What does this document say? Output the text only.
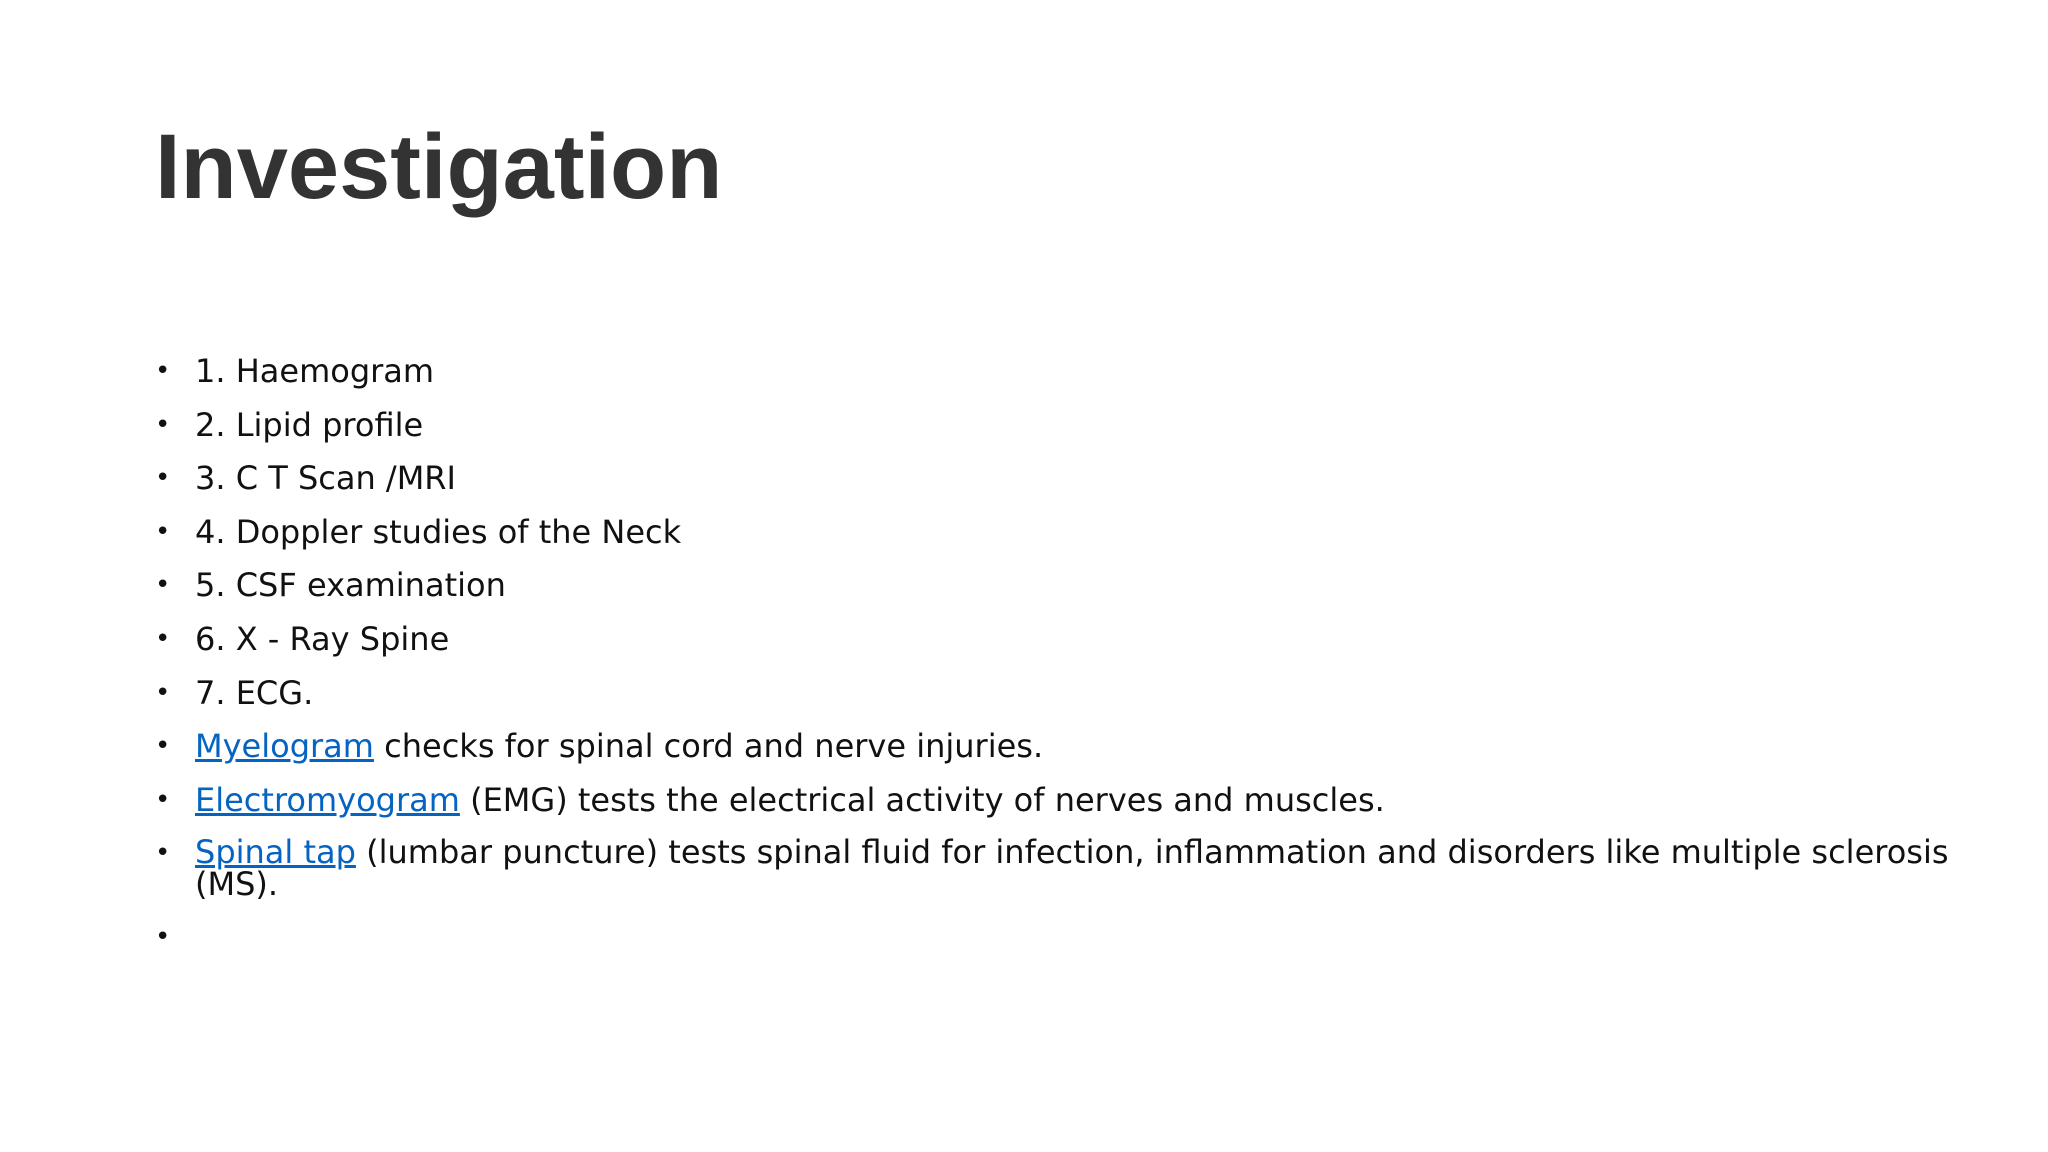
Investigation
• 1. Haemogram
• 2. Lipid profile
• 3. C T Scan /MRI
• 4. Doppler studies of the Neck
• 5. CSF examination
• 6. X - Ray Spine
• 7. ECG.
• Myelogram checks for spinal cord and nerve injuries.
• Electromyogram (EMG) tests the electrical activity of nerves and muscles.
• Spinal tap (lumbar puncture) tests spinal fluid for infection, inflammation and disorders like multiple sclerosis (MS).
•
